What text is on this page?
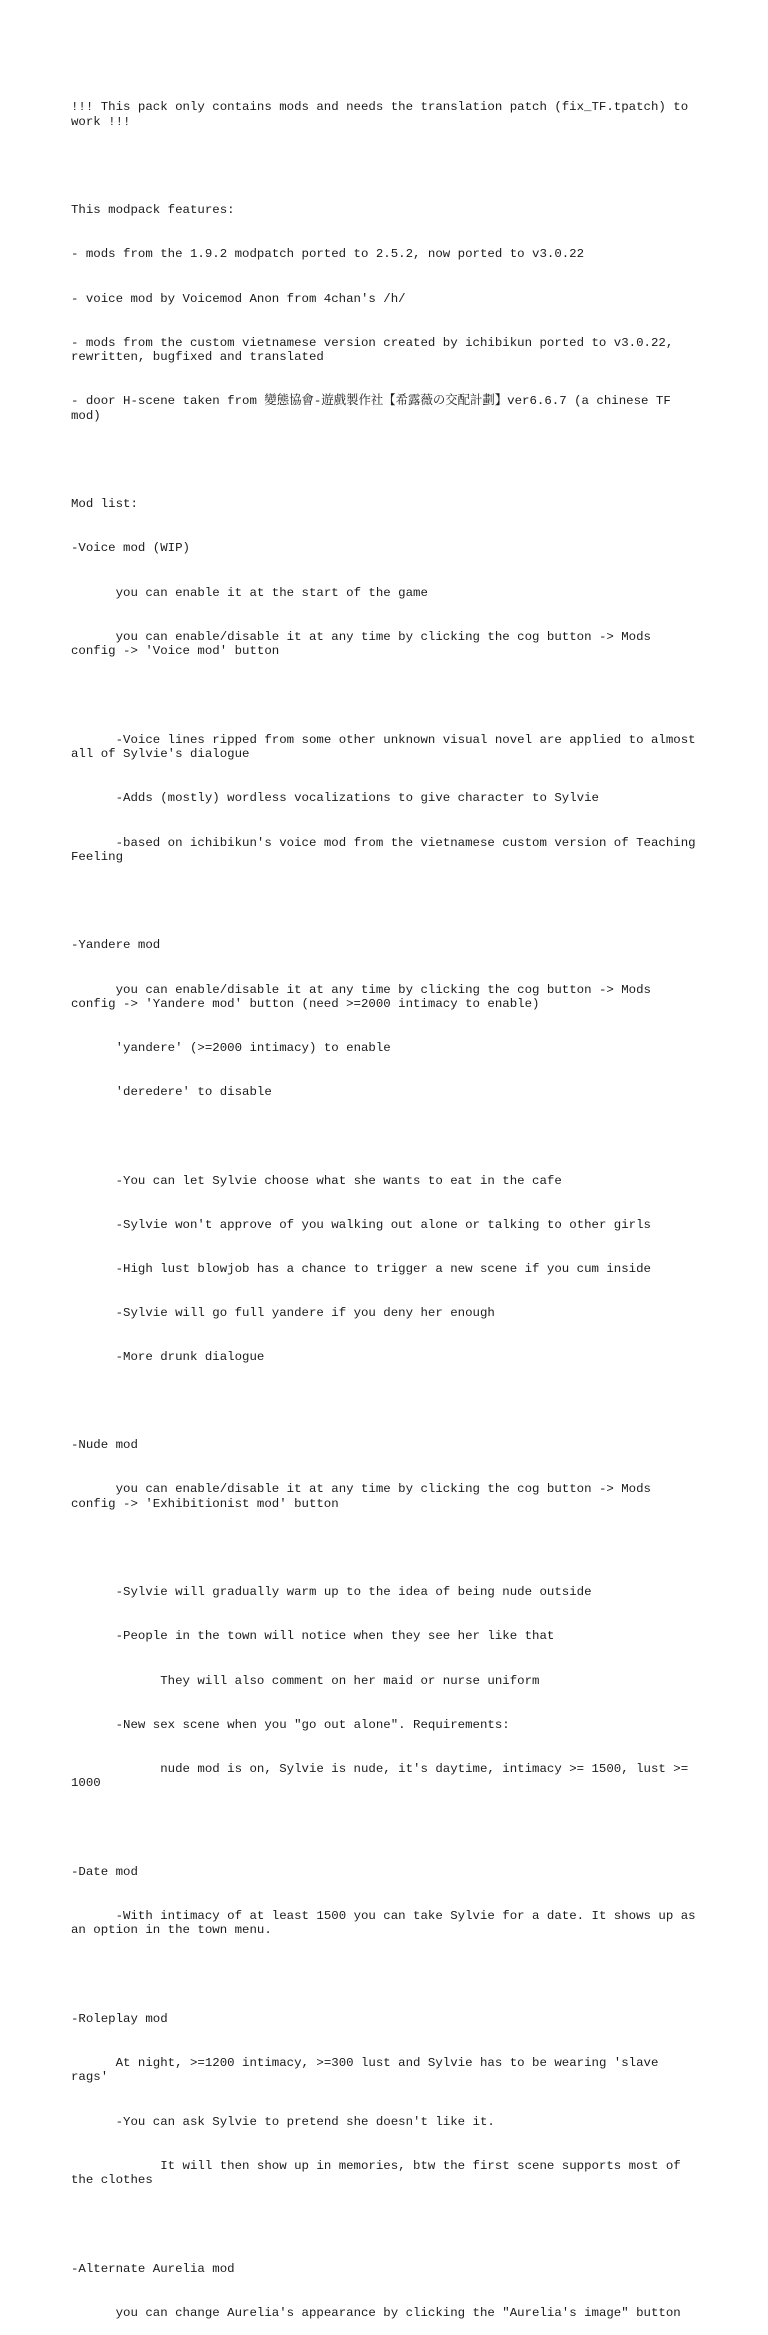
!!! This pack only contains mods and needs the translation patch (fix_TF.tpatch) to work !!!

This modpack features:

- mods from the 1.9.2 modpatch ported to 2.5.2, now ported to v3.0.22

- voice mod by Voicemod Anon from 4chan's /h/

- mods from the custom vietnamese version created by ichibikun ported to v3.0.22, rewritten, bugfixed and translated

- door H-scene taken from 變態協會-遊戲製作社【希露薇の交配計劃】ver6.6.7 (a chinese TF mod)

Mod list:

-Voice mod (WIP)

you can enable it at the start of the game

you can enable/disable it at any time by clicking the cog button -> Mods config -> 'Voice mod' button

-Voice lines ripped from some other unknown visual novel are applied to almost all of Sylvie's dialogue

-Adds (mostly) wordless vocalizations to give character to Sylvie

-based on ichibikun's voice mod from the vietnamese custom version of Teaching Feeling

-Yandere mod

you can enable/disable it at any time by clicking the cog button -> Mods config -> 'Yandere mod' button (need >=2000 intimacy to enable)

'yandere' (>=2000 intimacy) to enable

'deredere' to disable

-You can let Sylvie choose what she wants to eat in the cafe

-Sylvie won't approve of you walking out alone or talking to other girls

-High lust blowjob has a chance to trigger a new scene if you cum inside

-Sylvie will go full yandere if you deny her enough

-More drunk dialogue

-Nude mod

you can enable/disable it at any time by clicking the cog button -> Mods config -> 'Exhibitionist mod' button

-Sylvie will gradually warm up to the idea of being nude outside

-People in the town will notice when they see her like that

They will also comment on her maid or nurse uniform

-New sex scene when you "go out alone". Requirements:

nude mod is on, Sylvie is nude, it's daytime, intimacy >= 1500, lust >= 1000

-Date mod

-With intimacy of at least 1500 you can take Sylvie for a date. It shows up as an option in the town menu.

-Roleplay mod

At night, >=1200 intimacy, >=300 lust and Sylvie has to be wearing 'slave rags'

-You can ask Sylvie to pretend she doesn't like it.

It will then show up in memories, btw the first scene supports most of the clothes

-Alternate Aurelia mod

you can change Aurelia's appearance by clicking the "Aurelia's image" button
